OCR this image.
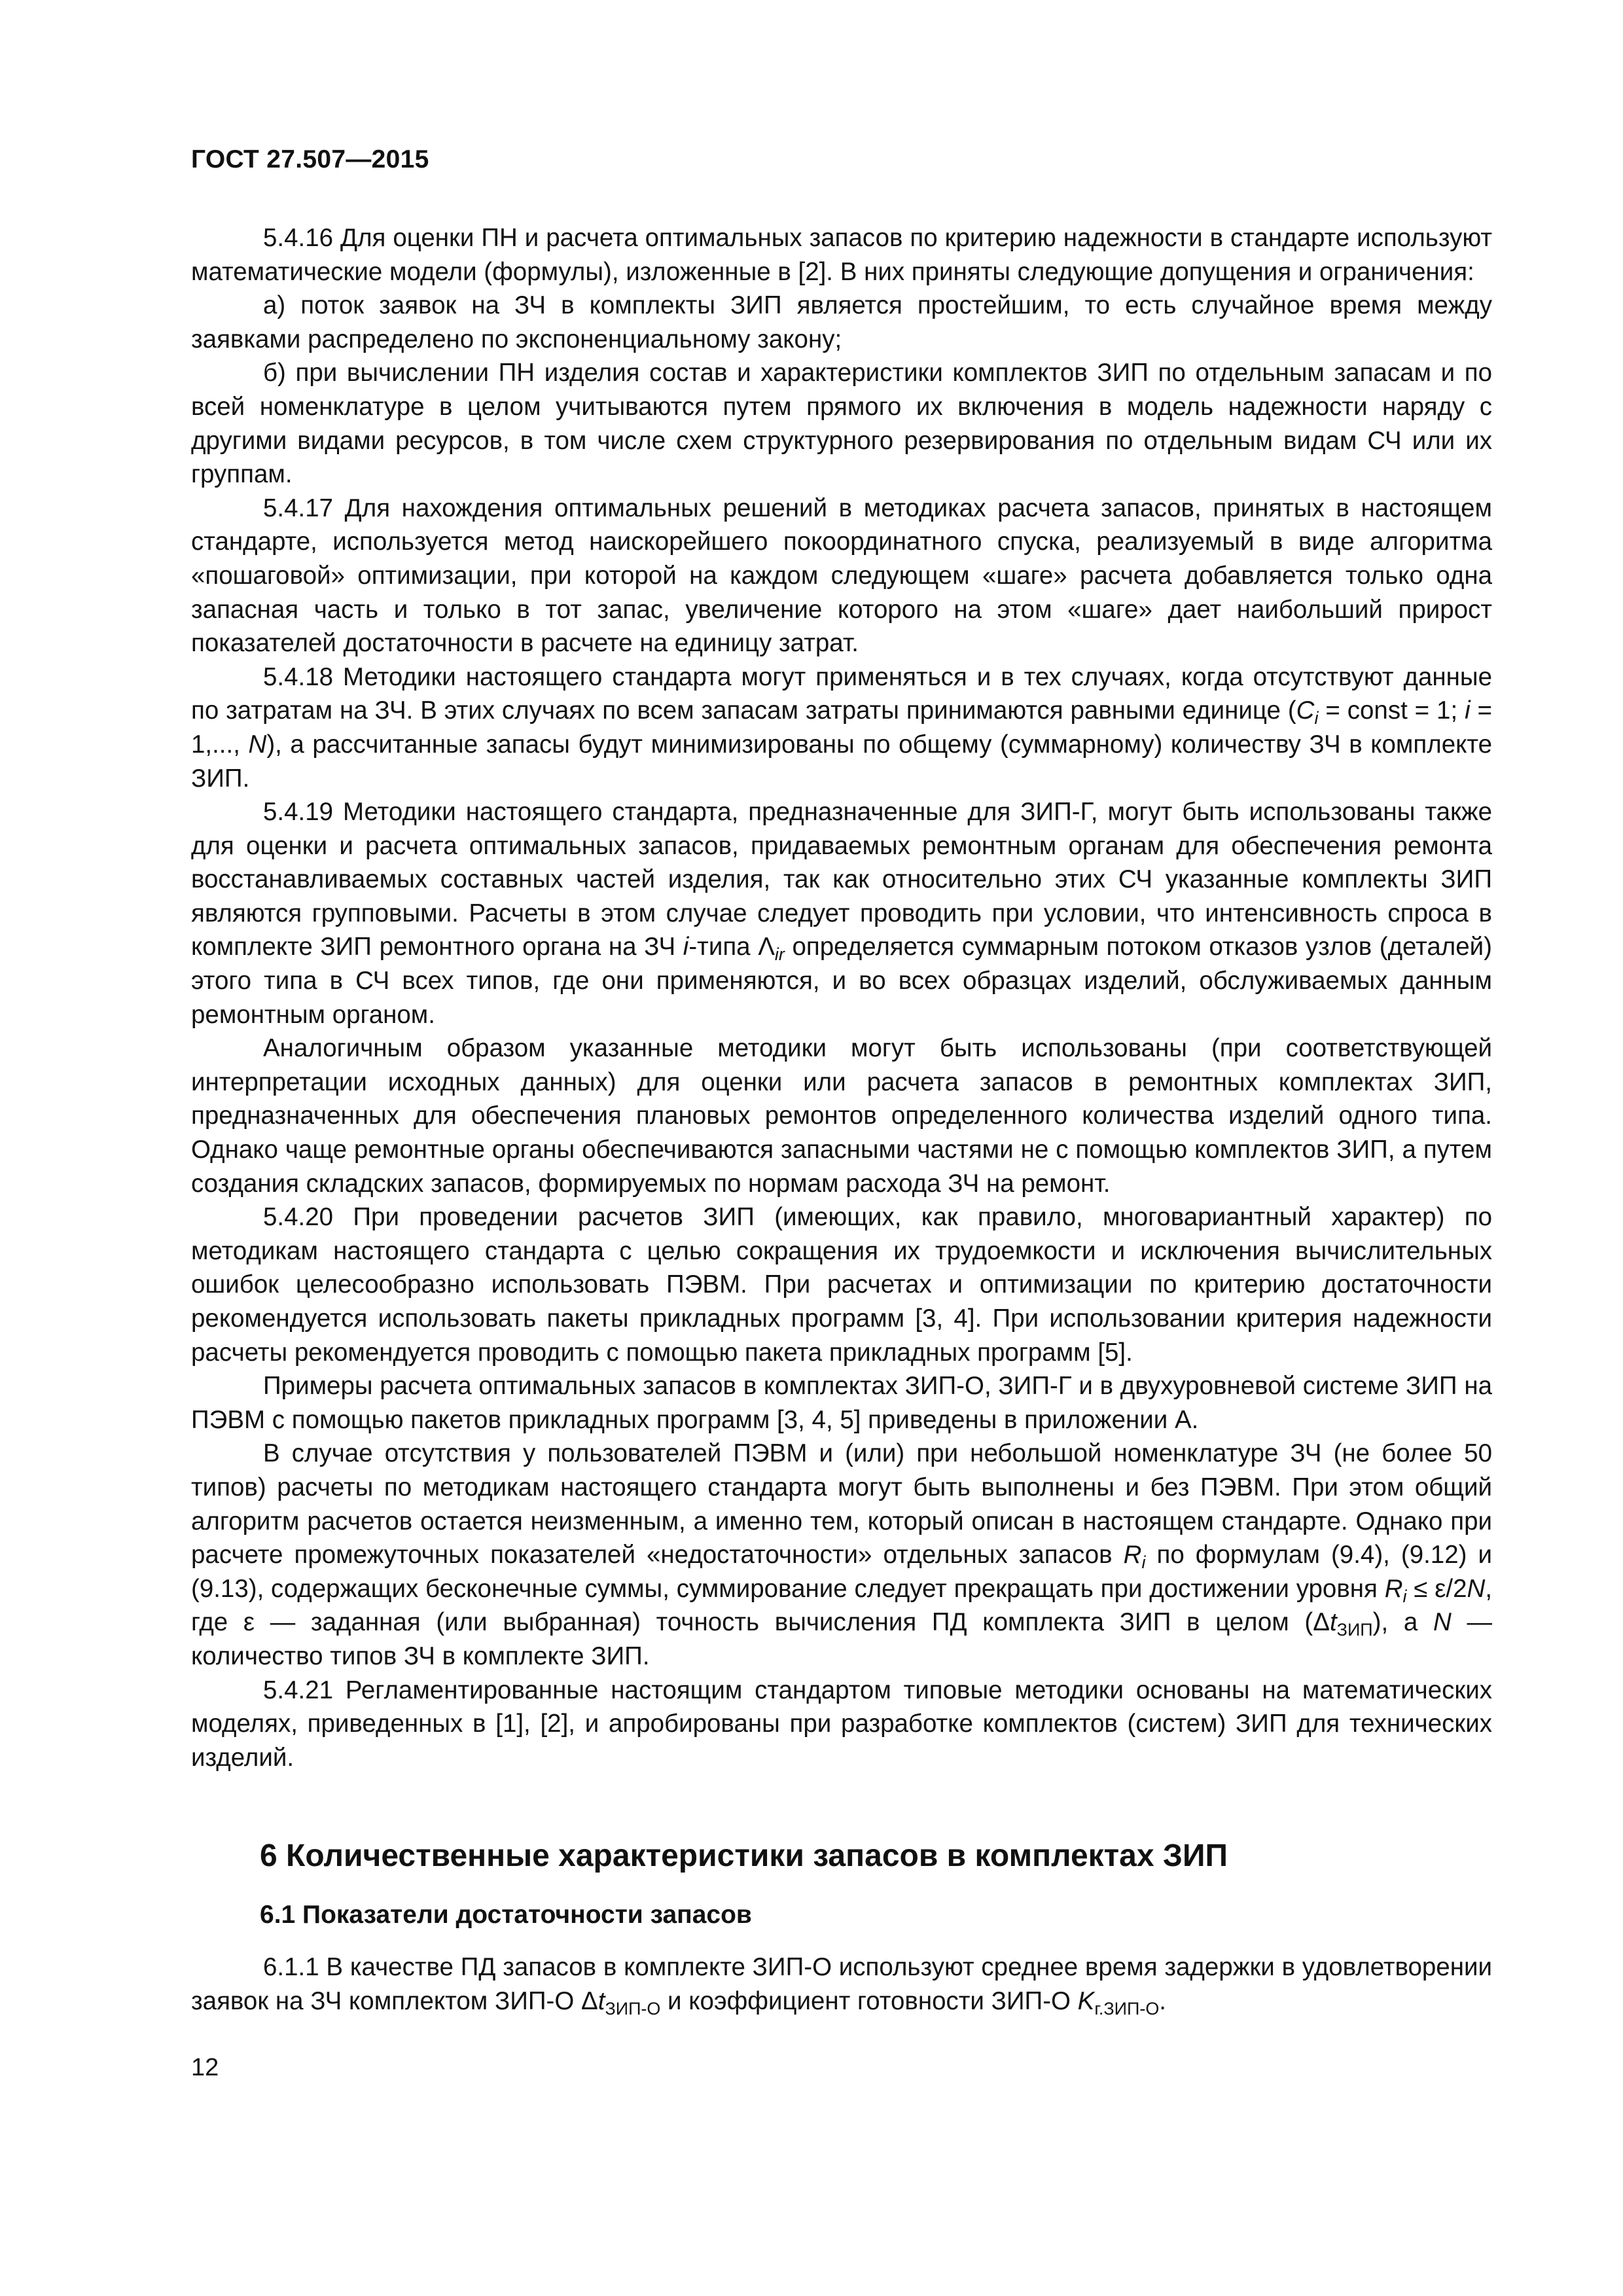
ГОСТ 27.507—2015

5.4.16 Для оценки ПН и расчета оптимальных запасов по критерию надежности в стандарте используют математические модели (формулы), изложенные в [2]. В них приняты следующие допущения и ограничения:

а) поток заявок на ЗЧ в комплекты ЗИП является простейшим, то есть случайное время между заявками распределено по экспоненциальному закону;

б) при вычислении ПН изделия состав и характеристики комплектов ЗИП по отдельным запасам и по всей номенклатуре в целом учитываются путем прямого их включения в модель надежности наряду с другими видами ресурсов, в том числе схем структурного резервирования по отдельным видам СЧ или их группам.

5.4.17 Для нахождения оптимальных решений в методиках расчета запасов, принятых в настоящем стандарте, используется метод наискорейшего покоординатного спуска, реализуемый в виде алгоритма «пошаговой» оптимизации, при которой на каждом следующем «шаге» расчета добавляется только одна запасная часть и только в тот запас, увеличение которого на этом «шаге» дает наибольший прирост показателей достаточности в расчете на единицу затрат.

5.4.18 Методики настоящего стандарта могут применяться и в тех случаях, когда отсутствуют данные по затратам на ЗЧ. В этих случаях по всем запасам затраты принимаются равными единице ($C_i$ = const = 1; i = 1,..., N), а рассчитанные запасы будут минимизированы по общему (суммарному) количеству ЗЧ в комплекте ЗИП.

5.4.19 Методики настоящего стандарта, предназначенные для ЗИП-Г, могут быть использованы также для оценки и расчета оптимальных запасов, придаваемых ремонтным органам для обеспечения ремонта восстанавливаемых составных частей изделия, так как относительно этих СЧ указанные комплекты ЗИП являются групповыми. Расчеты в этом случае следует проводить при условии, что интенсивность спроса в комплекте ЗИП ремонтного органа на ЗЧ i-типа $\Lambda_{ir}$ определяется суммарным потоком отказов узлов (деталей) этого типа в СЧ всех типов, где они применяются, и во всех образцах изделий, обслуживаемых данным ремонтным органом.

Аналогичным образом указанные методики могут быть использованы (при соответствующей интерпретации исходных данных) для оценки или расчета запасов в ремонтных комплектах ЗИП, предназначенных для обеспечения плановых ремонтов определенного количества изделий одного типа. Однако чаще ремонтные органы обеспечиваются запасными частями не с помощью комплектов ЗИП, а путем создания складских запасов, формируемых по нормам расхода ЗЧ на ремонт.

5.4.20 При проведении расчетов ЗИП (имеющих, как правило, многовариантный характер) по методикам настоящего стандарта с целью сокращения их трудоемкости и исключения вычислительных ошибок целесообразно использовать ПЭВМ. При расчетах и оптимизации по критерию достаточности рекомендуется использовать пакеты прикладных программ [3, 4]. При использовании критерия надежности расчеты рекомендуется проводить с помощью пакета прикладных программ [5].

Примеры расчета оптимальных запасов в комплектах ЗИП-О, ЗИП-Г и в двухуровневой системе ЗИП на ПЭВМ с помощью пакетов прикладных программ [3, 4, 5] приведены в приложении А.

В случае отсутствия у пользователей ПЭВМ и (или) при небольшой номенклатуре ЗЧ (не более 50 типов) расчеты по методикам настоящего стандарта могут быть выполнены и без ПЭВМ. При этом общий алгоритм расчетов остается неизменным, а именно тем, который описан в настоящем стандарте. Однако при расчете промежуточных показателей «недостаточности» отдельных запасов $R_i$ по формулам (9.4), (9.12) и (9.13), содержащих бесконечные суммы, суммирование следует прекращать при достижении уровня $R_i \le \varepsilon/2N$, где ε — заданная (или выбранная) точность вычисления ПД комплекта ЗИП в целом $(\Delta t_{ЗИП})$, а N — количество типов ЗЧ в комплекте ЗИП.

5.4.21 Регламентированные настоящим стандартом типовые методики основаны на математических моделях, приведенных в [1], [2], и апробированы при разработке комплектов (систем) ЗИП для технических изделий.

6 Количественные характеристики запасов в комплектах ЗИП
6.1 Показатели достаточности запасов

6.1.1 В качестве ПД запасов в комплекте ЗИП-О используют среднее время задержки в удовлетворении заявок на ЗЧ комплектом ЗИП-О $\Delta t_{ЗИП-О}$ и коэффициент готовности ЗИП-О $K_{г.ЗИП-О}$.

12
